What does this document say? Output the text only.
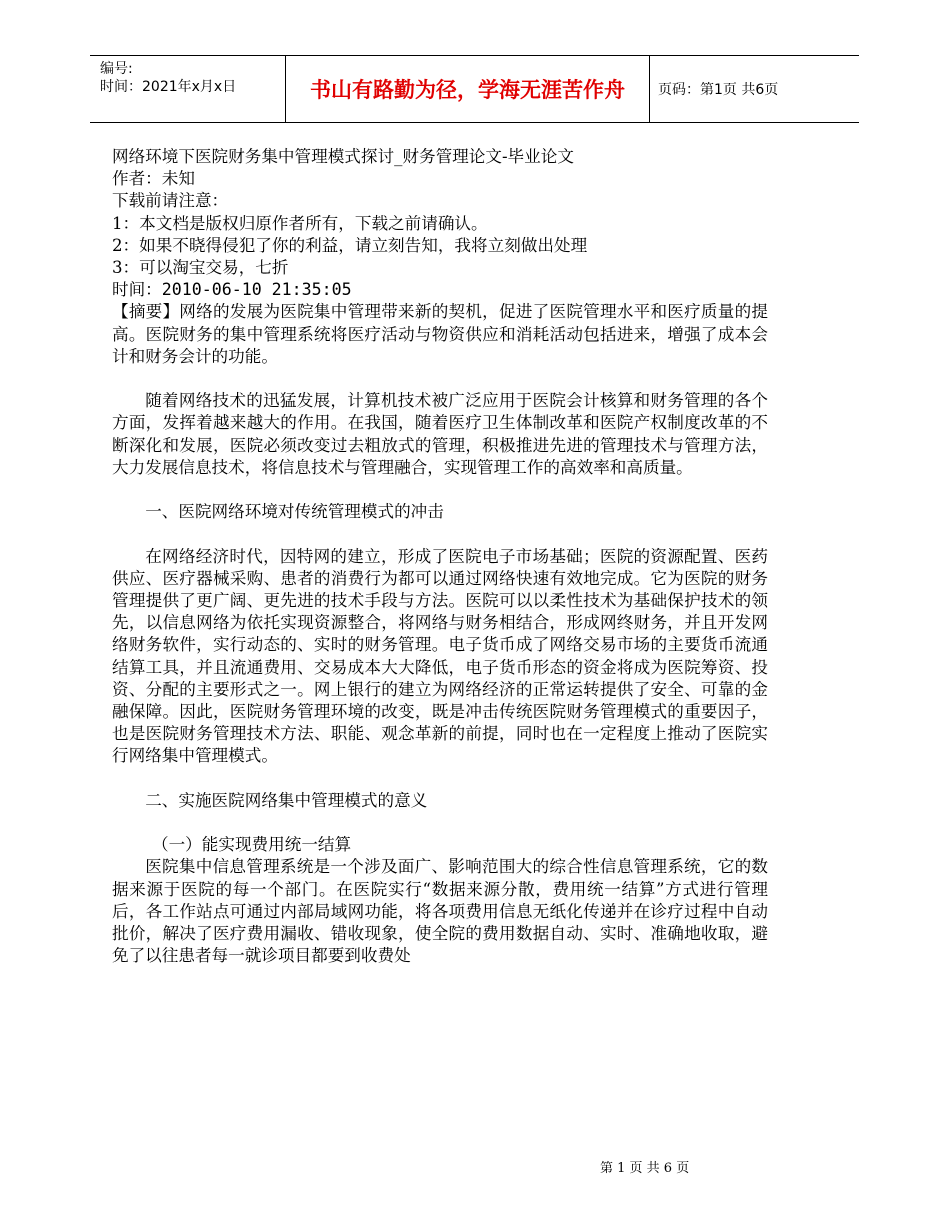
编号:
时间：2021年x月x日	书山有路勤为径，学海无涯苦作舟	页码：第1页 共6页

网络环境下医院财务集中管理模式探讨_财务管理论文-毕业论文

作者：未知

下载前请注意：

1：本文档是版权归原作者所有，下载之前请确认。

2：如果不晓得侵犯了你的利益，请立刻告知，我将立刻做出处理

3：可以淘宝交易，七折

时间：2010-06-10 21:35:05

【摘要】网络的发展为医院集中管理带来新的契机，促进了医院管理水平和医疗质量的提高。医院财务的集中管理系统将医疗活动与物资供应和消耗活动包括进来，增强了成本会计和财务会计的功能。

随着网络技术的迅猛发展，计算机技术被广泛应用于医院会计核算和财务管理的各个方面，发挥着越来越大的作用。在我国，随着医疗卫生体制改革和医院产权制度改革的不断深化和发展，医院必须改变过去粗放式的管理，积极推进先进的管理技术与管理方法，大力发展信息技术，将信息技术与管理融合，实现管理工作的高效率和高质量。

一、医院网络环境对传统管理模式的冲击

在网络经济时代，因特网的建立，形成了医院电子市场基础；医院的资源配置、医药供应、医疗器械采购、患者的消费行为都可以通过网络快速有效地完成。它为医院的财务管理提供了更广阔、更先进的技术手段与方法。医院可以以柔性技术为基础保护技术的领先，以信息网络为依托实现资源整合，将网络与财务相结合，形成网终财务，并且开发网络财务软件，实行动态的、实时的财务管理。电子货币成了网络交易市场的主要货币流通结算工具，并且流通费用、交易成本大大降低，电子货币形态的资金将成为医院筹资、投资、分配的主要形式之一。网上银行的建立为网络经济的正常运转提供了安全、可靠的金融保障。因此，医院财务管理环境的改变，既是冲击传统医院财务管理模式的重要因子，也是医院财务管理技术方法、职能、观念革新的前提，同时也在一定程度上推动了医院实行网络集中管理模式。

二、实施医院网络集中管理模式的意义

（一）能实现费用统一结算

医院集中信息管理系统是一个涉及面广、影响范围大的综合性信息管理系统，它的数据来源于医院的每一个部门。在医院实行“数据来源分散，费用统一结算”方式进行管理后，各工作站点可通过内部局域网功能，将各项费用信息无纸化传递并在诊疗过程中自动批价，解决了医疗费用漏收、错收现象，使全院的费用数据自动、实时、准确地收取，避免了以往患者每一就诊项目都要到收费处

第 1 页 共 6 页
